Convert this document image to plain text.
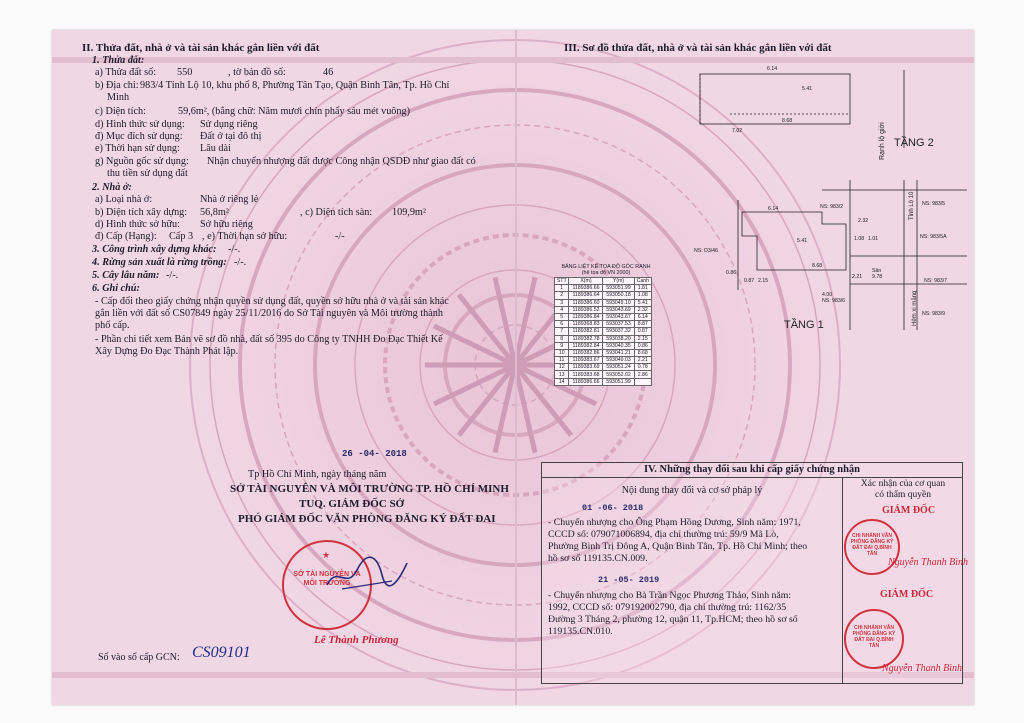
II. Thửa đất, nhà ở và tài sản khác gắn liền với đất
1. Thửa đất:
a) Thửa đất số: 550	, tờ bản đồ số:	46
b) Địa chỉ: 983/4 Tỉnh Lộ 10, khu phố 8, Phường Tân Tạo, Quận Bình Tân, Tp. Hồ Chí
Minh
c) Diện tích:	59,6m², (bằng chữ: Năm mươi chín phẩy sáu mét vuông)
d) Hình thức sử dụng: Sử dụng riêng
đ) Mục đích sử dụng: Đất ở tại đô thị
e) Thời hạn sử dụng: Lâu dài
g) Nguồn gốc sử dụng: Nhận chuyển nhượng đất được Công nhận QSDĐ như giao đất có
thu tiền sử dụng đất
2. Nhà ở:
a) Loại nhà ở:	Nhà ở riêng lẻ
b) Diện tích xây dựng: 56,8m²	, c) Diện tích sàn: 109,9m²
d) Hình thức sở hữu: Sở hữu riêng
đ) Cấp (Hạng): Cấp 3 , e) Thời hạn sở hữu:	-/-
3. Công trình xây dựng khác: -/-.
4. Rừng sản xuất là rừng trồng: -/-.
5. Cây lâu năm: -/-.
6. Ghi chú:
- Cấp đổi theo giấy chứng nhận quyền sử dụng đất, quyền sở hữu nhà ở và tài sản khác
gắn liền với đất số CS07849 ngày 25/11/2016 do Sở Tài nguyên và Môi trường thành
phố cấp.
- Phần chi tiết xem Bản vẽ sơ đồ nhà, đất số 395 do Công ty TNHH Đo Đạc Thiết Kế
Xây Dựng Đo Đạc Thành Phát lập.
26 -04- 2018
Tp Hồ Chí Minh, ngày tháng năm
SỞ TÀI NGUYÊN VÀ MÔI TRƯỜNG TP. HỒ CHÍ MINH
TUQ. GIÁM ĐỐC SỞ
PHÓ GIÁM ĐỐC VĂN PHÒNG ĐĂNG KÝ ĐẤT ĐAI
SỞ TÀI NGUYÊN VÀ MÔI TRƯỜNG
★
Lê Thành Phương
Số vào sổ cấp GCN: CS09101
III. Sơ đồ thửa đất, nhà ở và tài sản khác gắn liền với đất
6.14
5.41
8.68
7.02
6.14
5.41
8.68
NS: 983/2	NS: 983/5
NS: D3/46
NS: 983/5A
NS: 983/7
NS: 983/6
NS: 983/9
Sân
4.00
1.08 1.01
2.21 9.78
0.87 2.15
0.86
2.32
Rạnh lộ giới
Tỉnh Lộ 10
Hẻm xi măng
TẦNG 2
TẦNG 1
BẢNG LIỆT KÊ TỌA ĐỘ GÓC RANH
(hệ tọa độ VN 2000)
STT	X(m)	Y(m)	Cạnh
1	1189386.66	593051.99	1.81
2	1189386.64	593050.18	1.08
3	1189386.60	593049.10	5.41
4	1189386.52	593043.69	2.32
5	1189386.84	593043.67	6.14
6	1189368.83	593037.53	8.87
7	1189382.81	593037.32	0.87
8	1189382.78	593038.20	2.15
9	1189382.84	593040.35	0.86
10	1189382.86	593041.21	8.68
11	1189383.67	593049.03	2.21
12	1189383.69	593051.24	0.78
13	1189383.68	593052.02	2.86
14	1189386.66	593051.99	
IV. Những thay đổi sau khi cấp giấy chứng nhận
Nội dung thay đổi và cơ sở pháp lý
Xác nhận của cơ quan
có thẩm quyền
01 -06- 2018
- Chuyển nhượng cho Ông Phạm Hồng Dương, Sinh năm: 1971,
CCCD số: 079071006894, địa chỉ thường trú: 59/9 Mã Lò,
Phường Bình Trị Đông A, Quận Bình Tân, Tp. Hồ Chí Minh; theo
hồ sơ số 119135.CN.009.
21 -05- 2019
- Chuyển nhượng cho Bà Trần Ngọc Phương Thảo, Sinh năm:
1992, CCCD số: 079192002790, địa chỉ thường trú: 1162/35
Đường 3 Tháng 2, phường 12, quận 11, Tp.HCM; theo hồ sơ số
119135.CN.010.
GIÁM ĐỐC
CHI NHÁNH VĂN PHÒNG ĐĂNG KÝ ĐẤT ĐAI Q.BÌNH TÂN
Nguyễn Thanh Bình
GIÁM ĐỐC
CHI NHÁNH VĂN PHÒNG ĐĂNG KÝ ĐẤT ĐAI Q.BÌNH TÂN
Nguyễn Thanh Bình
